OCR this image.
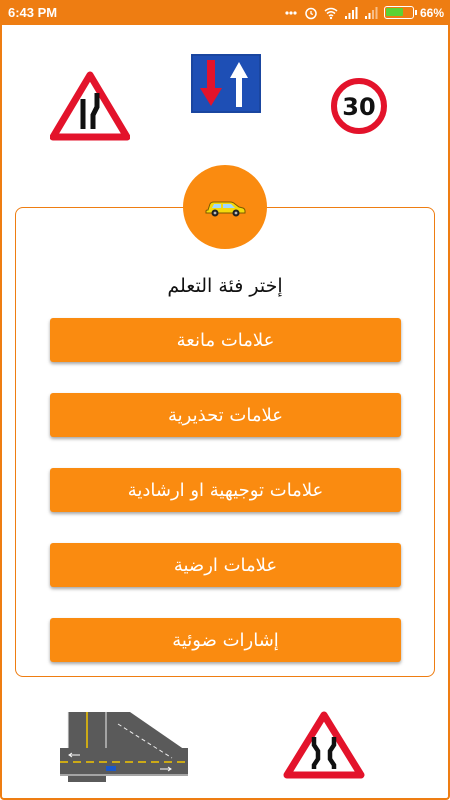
6:43 PM	66%
30
إختر فئة التعلم
علامات مانعة
علامات تحذيرية
علامات توجيهية او ارشادية
علامات ارضية
إشارات ضوئية
